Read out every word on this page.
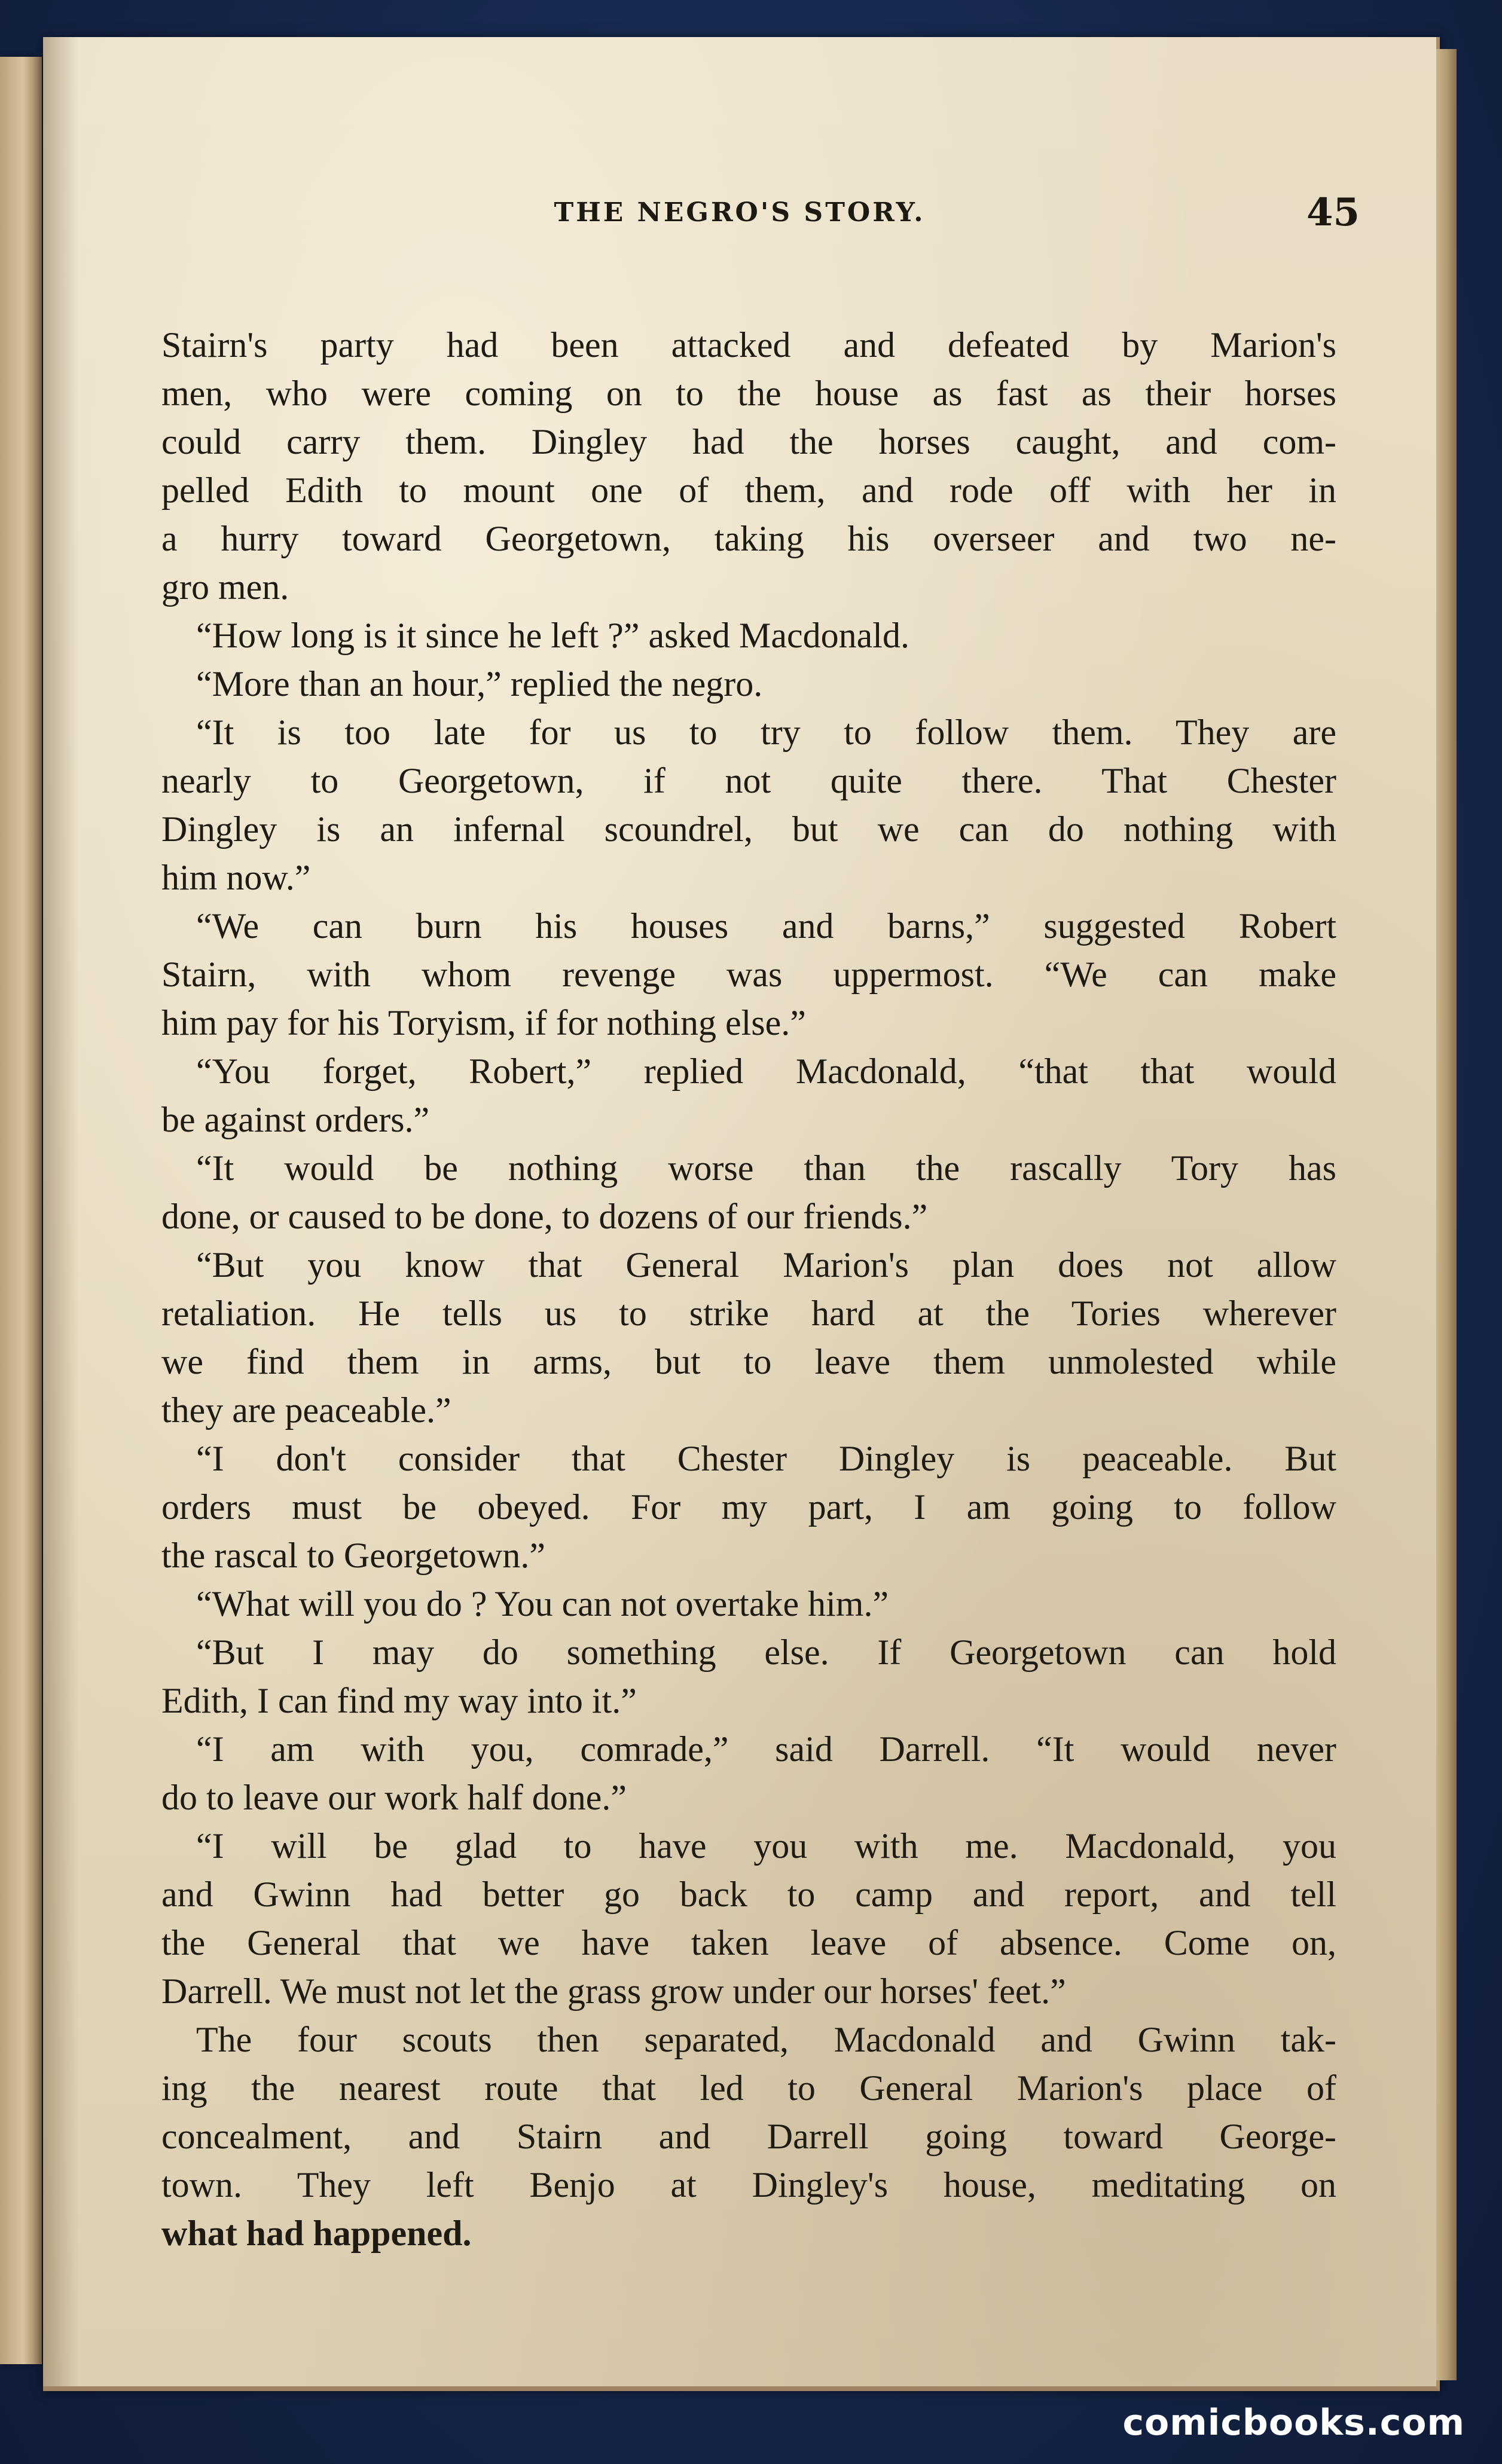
THE NEGRO'S STORY.	45
Stairn's party had been attacked and defeated by Marion's
men, who were coming on to the house as fast as their horses
could carry them. Dingley had the horses caught, and com-
pelled Edith to mount one of them, and rode off with her in
a hurry toward Georgetown, taking his overseer and two ne-
gro men.
“How long is it since he left ?” asked Macdonald.
“More than an hour,” replied the negro.
“It is too late for us to try to follow them. They are
nearly to Georgetown, if not quite there. That Chester
Dingley is an infernal scoundrel, but we can do nothing with
him now.”
“We can burn his houses and barns,” suggested Robert
Stairn, with whom revenge was uppermost. “We can make
him pay for his Toryism, if for nothing else.”
“You forget, Robert,” replied Macdonald, “that that would
be against orders.”
“It would be nothing worse than the rascally Tory has
done, or caused to be done, to dozens of our friends.”
“But you know that General Marion's plan does not allow
retaliation. He tells us to strike hard at the Tories wherever
we find them in arms, but to leave them unmolested while
they are peaceable.”
“I don't consider that Chester Dingley is peaceable. But
orders must be obeyed. For my part, I am going to follow
the rascal to Georgetown.”
“What will you do ? You can not overtake him.”
“But I may do something else. If Georgetown can hold
Edith, I can find my way into it.”
“I am with you, comrade,” said Darrell. “It would never
do to leave our work half done.”
“I will be glad to have you with me. Macdonald, you
and Gwinn had better go back to camp and report, and tell
the General that we have taken leave of absence. Come on,
Darrell. We must not let the grass grow under our horses' feet.”
The four scouts then separated, Macdonald and Gwinn tak-
ing the nearest route that led to General Marion's place of
concealment, and Stairn and Darrell going toward George-
town. They left Benjo at Dingley's house, meditating on
what had happened.
comicbooks.com
